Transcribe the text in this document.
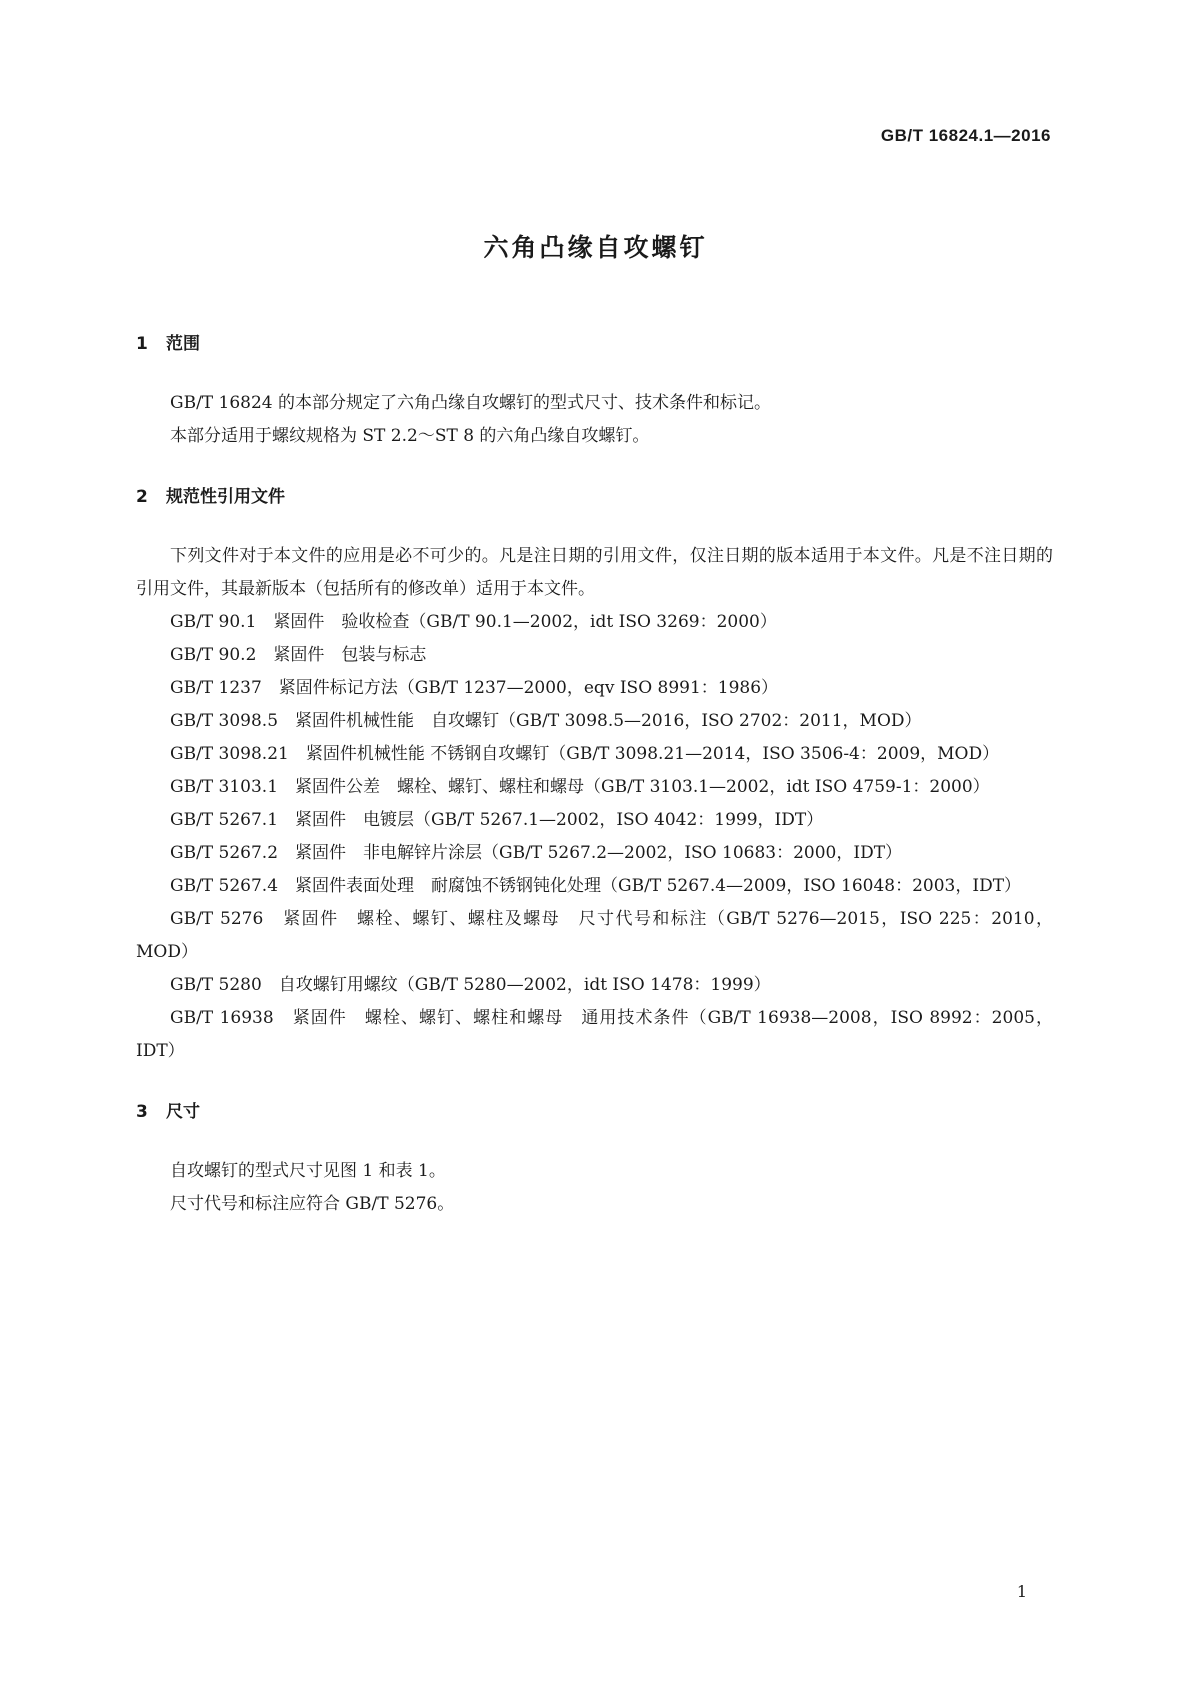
GB/T 16824.1—2016
六角凸缘自攻螺钉
1 范围

GB/T 16824 的本部分规定了六角凸缘自攻螺钉的型式尺寸、技术条件和标记。

本部分适用于螺纹规格为 ST 2.2～ST 8 的六角凸缘自攻螺钉。

2 规范性引用文件

下列文件对于本文件的应用是必不可少的。凡是注日期的引用文件，仅注日期的版本适用于本文件。凡是不注日期的引用文件，其最新版本（包括所有的修改单）适用于本文件。

GB/T 90.1　紧固件　验收检查（GB/T 90.1—2002，idt ISO 3269：2000）

GB/T 90.2　紧固件　包装与标志

GB/T 1237　紧固件标记方法（GB/T 1237—2000，eqv ISO 8991：1986）

GB/T 3098.5　紧固件机械性能　自攻螺钉（GB/T 3098.5—2016，ISO 2702：2011，MOD）

GB/T 3098.21　紧固件机械性能 不锈钢自攻螺钉（GB/T 3098.21—2014，ISO 3506-4：2009，MOD）

GB/T 3103.1　紧固件公差　螺栓、螺钉、螺柱和螺母（GB/T 3103.1—2002，idt ISO 4759-1：2000）

GB/T 5267.1　紧固件　电镀层（GB/T 5267.1—2002，ISO 4042：1999，IDT）

GB/T 5267.2　紧固件　非电解锌片涂层（GB/T 5267.2—2002，ISO 10683：2000，IDT）

GB/T 5267.4　紧固件表面处理　耐腐蚀不锈钢钝化处理（GB/T 5267.4—2009，ISO 16048：2003，IDT）

GB/T 5276　紧固件　螺栓、螺钉、螺柱及螺母　尺寸代号和标注（GB/T 5276—2015，ISO 225：2010，MOD）

GB/T 5280　自攻螺钉用螺纹（GB/T 5280—2002，idt ISO 1478：1999）

GB/T 16938　紧固件　螺栓、螺钉、螺柱和螺母　通用技术条件（GB/T 16938—2008，ISO 8992：2005，IDT）

3 尺寸

自攻螺钉的型式尺寸见图 1 和表 1。

尺寸代号和标注应符合 GB/T 5276。

1
